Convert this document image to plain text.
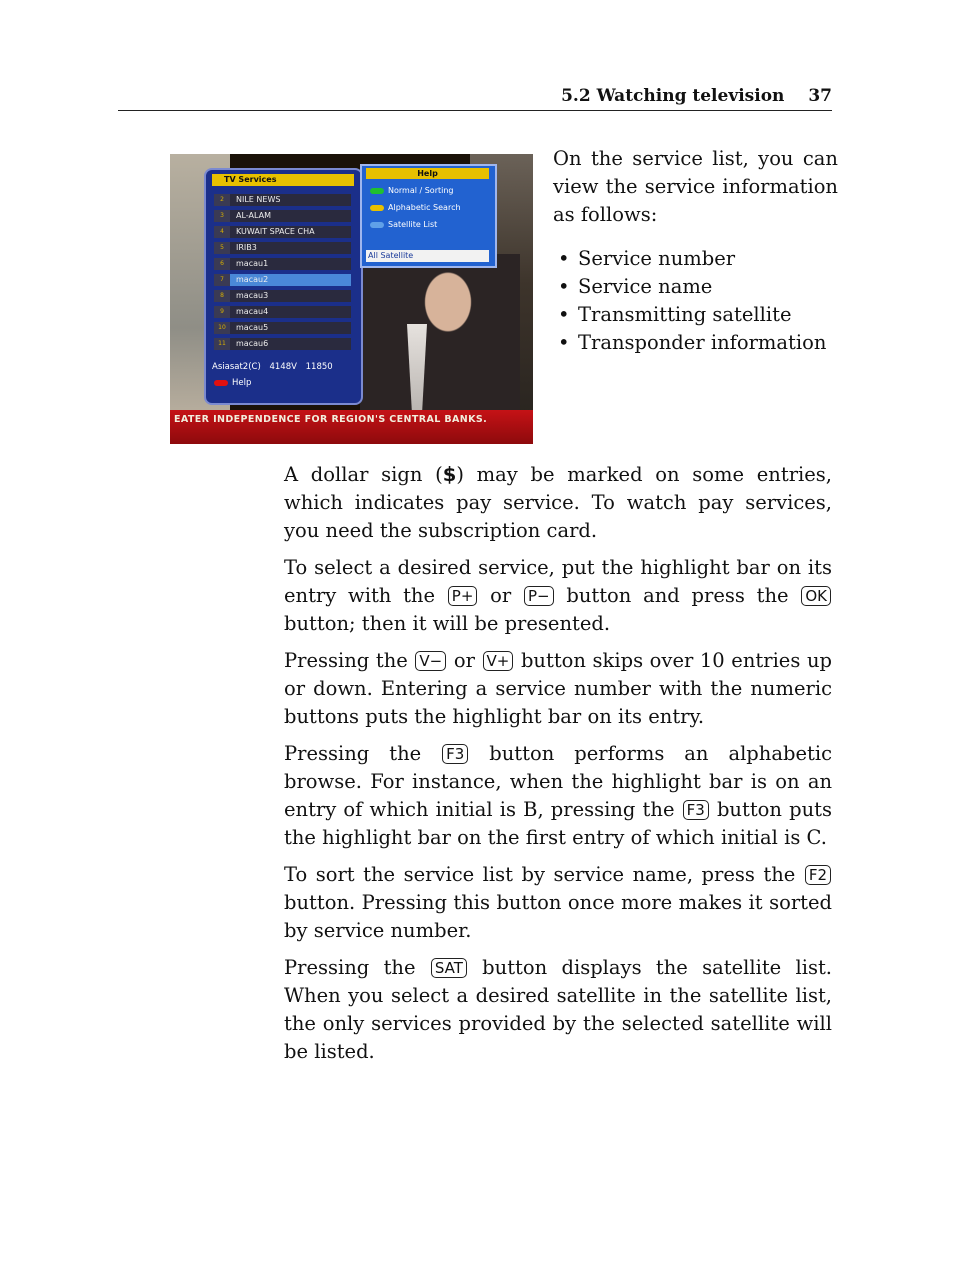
5.2 Watching television 37
TV Services
2	NILE NEWS
3	AL-ALAM
4	KUWAIT SPACE CHA
5	IRIB3
6	macau1
7	macau2
8	macau3
9	macau4
10	macau5
11	macau6
Asiasat2(C) 4148V 11850
Help
Help
Normal / Sorting
Alphabetic Search
Satellite List
All Satellite
EATER INDEPENDENCE FOR REGION'S CENTRAL BANKS.

On the service list, you can view the service information as follows:

• Service number
• Service name
• Transmitting satellite
• Transponder information

A dollar sign ($) may be marked on some entries, which indicates pay service. To watch pay services, you need the subscription card.

To select a desired service, put the highlight bar on its entry with the P+ or P− button and press the OK button; then it will be presented.

Pressing the V− or V+ button skips over 10 entries up or down. Entering a service number with the numeric buttons puts the highlight bar on its entry.

Pressing the F3 button performs an alphabetic browse. For instance, when the highlight bar is on an entry of which initial is B, pressing the F3 button puts the highlight bar on the first entry of which initial is C.

To sort the service list by service name, press the F2 button. Pressing this button once more makes it sorted by service number.

Pressing the SAT button displays the satellite list. When you select a desired satellite in the satellite list, the only services provided by the selected satellite will be listed.
